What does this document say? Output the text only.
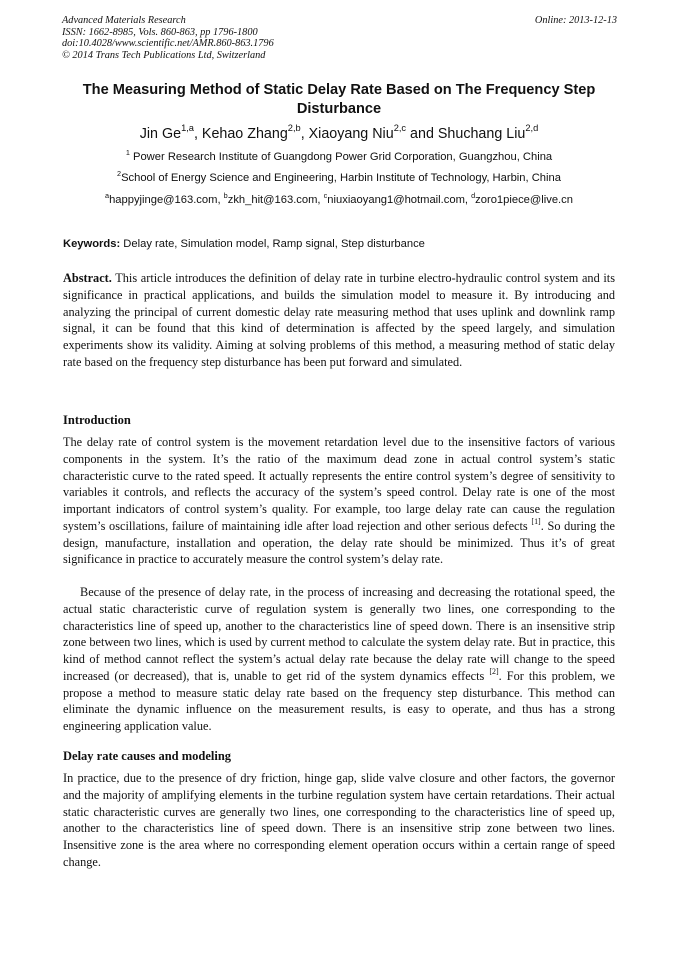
Advanced Materials Research
ISSN: 1662-8985, Vols. 860-863, pp 1796-1800
doi:10.4028/www.scientific.net/AMR.860-863.1796
© 2014 Trans Tech Publications Ltd, Switzerland
Online: 2013-12-13
The Measuring Method of Static Delay Rate Based on The Frequency Step Disturbance
Jin Ge$^{1,a}$, Kehao Zhang$^{2,b}$, Xiaoyang Niu$^{2,c}$ and Shuchang Liu$^{2,d}$
$^1$ Power Research Institute of Guangdong Power Grid Corporation, Guangzhou, China
$^2$School of Energy Science and Engineering, Harbin Institute of Technology, Harbin, China
$^a$happyjinge@163.com, $^b$zkh_hit@163.com, $^c$niuxiaoyang1@hotmail.com, $^d$zoro1piece@live.cn
Keywords: Delay rate, Simulation model, Ramp signal, Step disturbance
Abstract. This article introduces the definition of delay rate in turbine electro-hydraulic control system and its significance in practical applications, and builds the simulation model to measure it. By introducing and analyzing the principal of current domestic delay rate measuring method that uses uplink and downlink ramp signal, it can be found that this kind of determination is affected by the speed largely, and simulation experiments show its validity. Aiming at solving problems of this method, a measuring method of static delay rate based on the frequency step disturbance has been put forward and simulated.
Introduction
The delay rate of control system is the movement retardation level due to the insensitive factors of various components in the system. It’s the ratio of the maximum dead zone in actual control system’s static characteristic curve to the rated speed. It actually represents the entire control system’s degree of sensitivity to variables it controls, and reflects the accuracy of the system’s speed control. Delay rate is one of the most important indicators of control system’s quality. For example, too large delay rate can cause the regulation system’s oscillations, failure of maintaining idle after load rejection and other serious defects [1]. So during the design, manufacture, installation and operation, the delay rate should be minimized. Thus it’s of great significance in practice to accurately measure the control system’s delay rate.
Because of the presence of delay rate, in the process of increasing and decreasing the rotational speed, the actual static characteristic curve of regulation system is generally two lines, one corresponding to the characteristics line of speed up, another to the characteristics line of speed down. There is an insensitive strip zone between two lines, which is used by current method to calculate the system delay rate. But in practice, this kind of method cannot reflect the system’s actual delay rate because the delay rate will change to the speed increased (or decreased), that is, unable to get rid of the system dynamics effects [2]. For this problem, we propose a method to measure static delay rate based on the frequency step disturbance. This method can eliminate the dynamic influence on the measurement results, is easy to operate, and thus has a strong engineering application value.
Delay rate causes and modeling
In practice, due to the presence of dry friction, hinge gap, slide valve closure and other factors, the governor and the majority of amplifying elements in the turbine regulation system have certain retardations. Their actual static characteristic curves are generally two lines, one corresponding to the characteristics line of speed up, another to the characteristics line of speed down. There is an insensitive strip zone between two lines. Insensitive zone is the area where no corresponding element operation occurs within a certain range of speed change.
